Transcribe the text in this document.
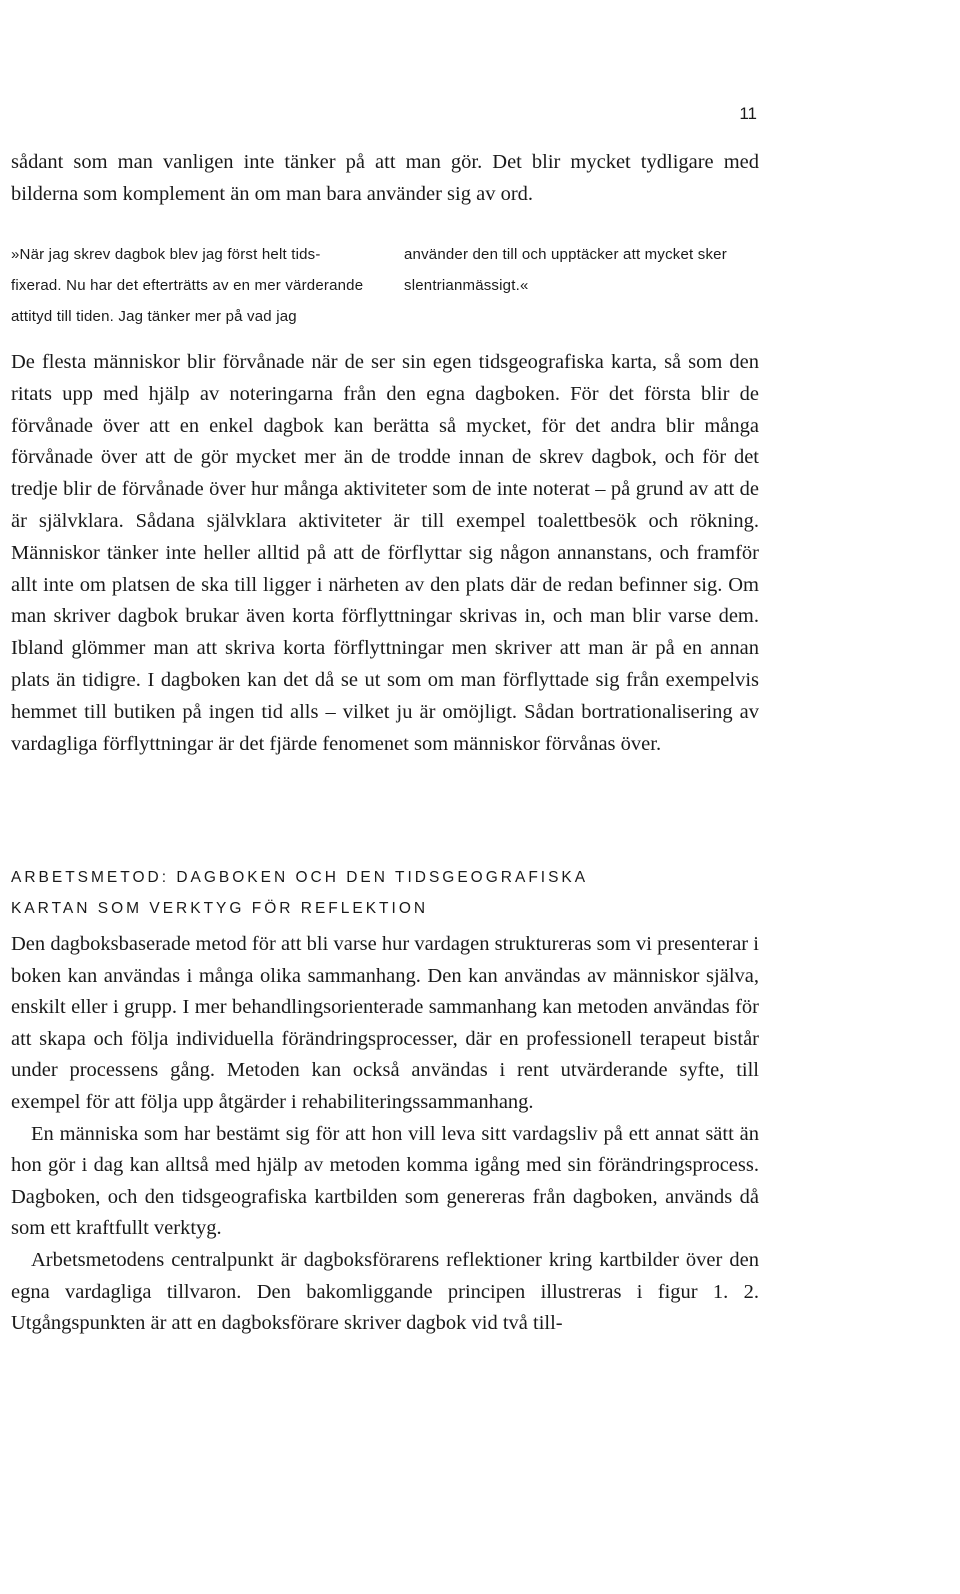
11

sådant som man vanligen inte tänker på att man gör. Det blir mycket tydligare med bilderna som komplement än om man bara använder sig av ord.

»När jag skrev dagbok blev jag först helt tidsfixerad. Nu har det efterträtts av en mer värderande attityd till tiden. Jag tänker mer på vad jag
använder den till och upptäcker att mycket sker slentrianmässigt.«

De flesta människor blir förvånade när de ser sin egen tidsgeografiska karta, så som den ritats upp med hjälp av noteringarna från den egna dagboken. För det första blir de förvånade över att en enkel dagbok kan berätta så mycket, för det andra blir många förvånade över att de gör mycket mer än de trodde innan de skrev dagbok, och för det tredje blir de förvånade över hur många aktiviteter som de inte noterat – på grund av att de är självklara. Sådana självklara aktiviteter är till exempel toalettbesök och rökning. Människor tänker inte heller alltid på att de förflyttar sig någon annanstans, och framför allt inte om platsen de ska till ligger i närheten av den plats där de redan befinner sig. Om man skriver dagbok brukar även korta förflyttningar skrivas in, och man blir varse dem. Ibland glömmer man att skriva korta förflyttningar men skriver att man är på en annan plats än tidigre. I dagboken kan det då se ut som om man förflyttade sig från exempelvis hemmet till butiken på ingen tid alls – vilket ju är omöjligt. Sådan bortrationalisering av vardagliga förflyttningar är det fjärde fenomenet som människor förvånas över.

ARBETSMETOD: DAGBOKEN OCH DEN TIDSGEOGRAFISKA
KARTAN SOM VERKTYG FÖR REFLEKTION

Den dagboksbaserade metod för att bli varse hur vardagen struktureras som vi presenterar i boken kan användas i många olika sammanhang. Den kan användas av människor själva, enskilt eller i grupp. I mer behandlingsorienterade sammanhang kan metoden användas för att skapa och följa individuella förändringsprocesser, där en professionell terapeut bistår under processens gång. Metoden kan också användas i rent utvärderande syfte, till exempel för att följa upp åtgärder i rehabiliteringssammanhang.

En människa som har bestämt sig för att hon vill leva sitt vardagsliv på ett annat sätt än hon gör i dag kan alltså med hjälp av metoden komma igång med sin förändringsprocess. Dagboken, och den tidsgeografiska kartbilden som genereras från dagboken, används då som ett kraftfullt verktyg.

Arbetsmetodens centralpunkt är dagboksförarens reflektioner kring kartbilder över den egna vardagliga tillvaron. Den bakomliggande principen illustreras i figur 1. 2. Utgångspunkten är att en dagboksförare skriver dagbok vid två till-
